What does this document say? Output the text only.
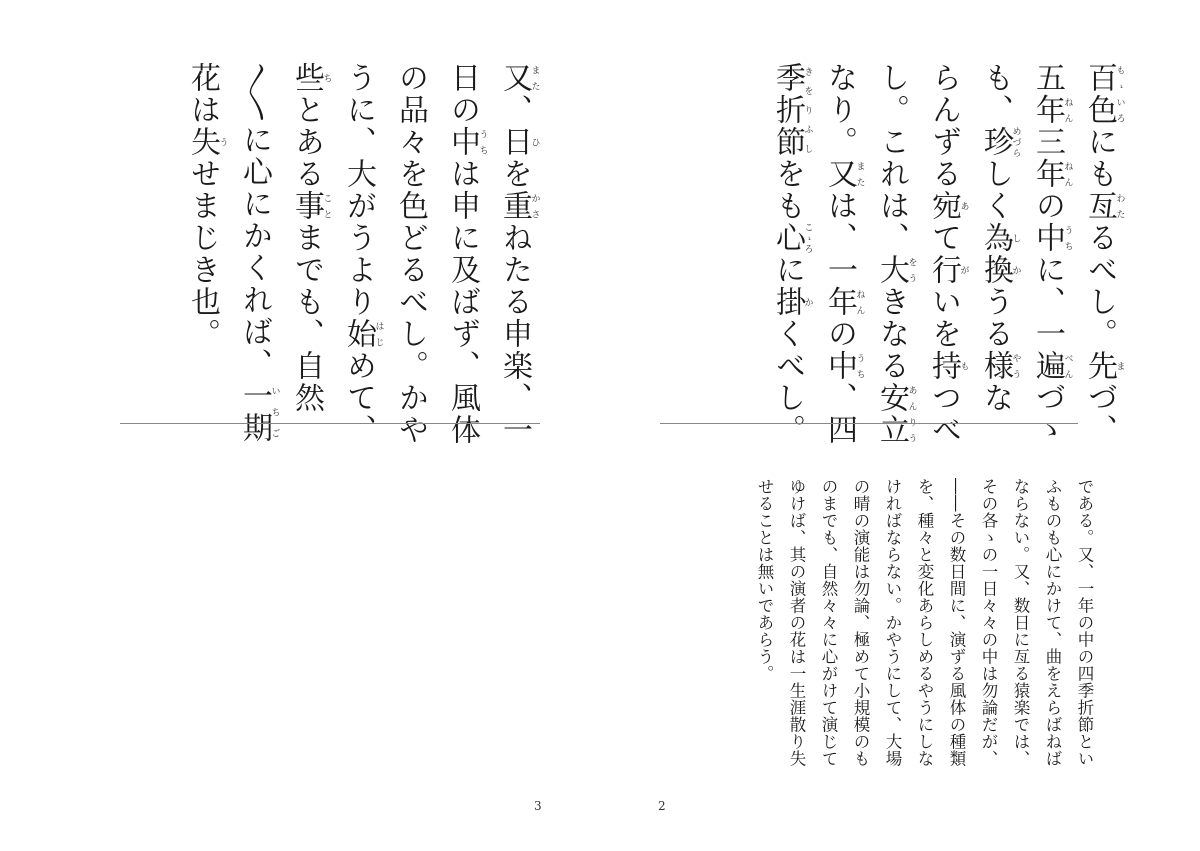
又また、日ひを重かさねたる申楽、一
日の中うちは申に及ばず、風体
の品々を色どるべし。かや
うに、大がうより始はじめて、
些ちとある事ことまでも、自然
〳〵に心にかくれば、一期いちご
花は失うせまじき也。
3
百色もゝいろにも亙わたるべし。先まづ、
五年ねん三年ねんの中うちに、一遍べんづゝ
も、珍めづらしく為し換かうる様やうな
らんずる宛あて行がいを持もつべ
し。これは、大をうきなる安立あんりう
なり。又または、一年ねんの中うち、四
季折節きをりふしをも心こゝろに掛かくべし。
である。又、一年の中の四季折節とい
ふものも心にかけて、曲をえらばねば
ならない。又、数日に亙る猿楽では、
その各ゝの一日々々の中は勿論だが、
――その数日間に、演ずる風体の種類
を、種々と変化あらしめるやうにしな
ければならない。かやうにして、大場
の晴の演能は勿論、極めて小規模のも
のまでも、自然々々に心がけて演じて
ゆけば、其の演者の花は一生涯散り失
せることは無いであらう。
2
